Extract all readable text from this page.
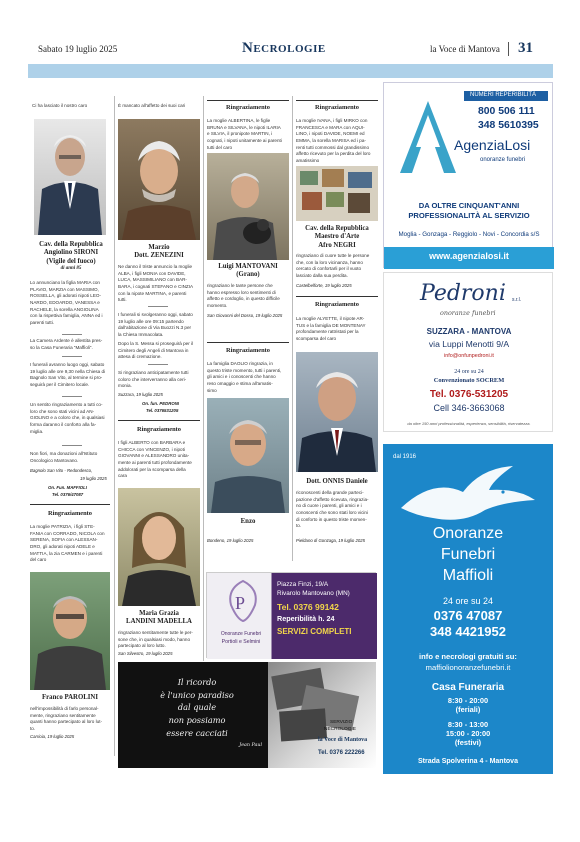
Sabato 19 luglio 2025	Necrologie	la Voce di Mantova 31
Ci ha lasciato il nostro caro
Cav. della Repubblica
Angiolino SIRONI
(Vigile del fuoco)
di anni 85
Lo annunciano la figlia MARIA con
PLAVIO, MARZIA con MASSIMO,
ROSSELLA, gli adorati nipoti LEO-
NARDO, EDOARDO, VANESSA e
RACHELE, la sorella ANGIOLINA
con la rispettiva famiglia, ANNA ed i
parenti tutti.
La Camera Ardente è allestita pres-
so la Casa Funeraria “Maffioli”.
I funerali avranno luogo oggi, sabato
19 luglio alle ore 9,30 nella Chiesa di
Bagnolo San Vito, al termine si pro-
seguirà per il Cimitero locale.
Un sentito ringraziamento a tutti co-
loro che sono stati vicini ad AN-
GIOLINO e a coloro che, in qualsiasi
forma daranno il conforto alla fa-
miglia.
Non fiori, ma donazioni all'Istituto
Oncologico Mantovano.
Bagnolo San Vito - Redondesco,
19 luglio 2025
On. Fun. MAFFIOLI
Tel. 0376/47087
Ringraziamento
La moglie PATRIZIA, i figli STE-
FANIA con CORRADO, NICOLA con
SERENA, SOFIA con ALESSAN-
DRO, gli adorati nipoti ADELE e
MATTIA, la zia CARMEN e i parenti
del caro
Franco PAROLINI
nell'impossibilità di farlo personal-
mente, ringraziano sentitamente
quanti hanno partecipato al loro lut-
to.
Carrioia, 19 luglio 2025
È mancato all'affetto dei suoi cari
Marzio
Dott. ZENEZINI
Ne danno il triste annuncio la moglie
ALBA, i figli MONIA con DAVIDE,
LUCA, MASSIMILIANO con BAR-
BARA, i cognati STEFANO e CINZIA
con la nipote MARTINA, e parenti
tutti.
I funerali si svolgeranno oggi, sabato
19 luglio alle ore 09:15 partendo
dall'abitazione di Via Buozzi N.3 per
la Chiesa Immacolata.
Dopo la S. Messa si proseguirà per il
Cimitero degli Angeli di Mantova in
attesa di cremazione.
Si ringraziano anticipatamente tutti
coloro che interverranno alla ceri-
monia.
Suzzara, 19 luglio 2025
On. fun. PEDRONI
Tel. 0376531205
Ringraziamento
I figli ALBERTO con BARBARA e
CHICCA con VINCENZO, i nipoti
GIOVANNI e ALESSANDRO unita-
mente ai parenti tutti profondamente
addolorati per la scomparsa della
cara
Maria Grazia
LANDINI MADELLA
ringraziano sentitamente tutte le per-
sone che, in qualsiasi modo, hanno
partecipato al loro lutto.
San Silvestro, 19 luglio 2025
Ringraziamento
La moglie ALBERTINA, le figlie
BRUNA e SILVANA, le nipoti ILARIA
e SILVIA, il pronipote MARTIN, i
cognati, i nipoti unitamente ai parenti
tutti del caro
Luigi MANTOVANI
(Grano)
ringraziano le tante persone che
hanno espresso loro sentimenti di
affetto e cordoglio, in questo difficile
momento.
San Giovanni del Dosso, 19 luglio 2025
Ringraziamento
La famiglia DAOLIO ringrazia, in
questo triste momento, tutti i parenti,
gli amici e i conoscenti che hanno
reso omaggio e stima all'amatis-
simo
Enzo
Bondeno, 19 luglio 2025
Ringraziamento
La moglie IVANA, i figli MIRKO con
FRANCESCA e MARA con AQUI-
LINO, i nipoti DAVIDE, NOEMI ed
EMMA, la sorella MARISA ed i pa-
renti tutti commossi dal grandissimo
affetto ricevuto per la perdita del loro
amatissimo
Cav. della Repubblica
Maestro d'Arte
Afro NEGRI
ringraziano di cuore tutte le persone
che, con la loro vicinanza, hanno
cercato di confortarli per il vuoto
lasciato dalla sua perdita.
Castelbelforte, 19 luglio 2025
Ringraziamento
La moglie ALYETTE, il nipote AR-
TUS e la famiglia DE MONTENAY
profondamente rattristati per la
scomparsa del caro
Dott. ONNIS Daniele
riconoscenti della grande parteci-
pazione d'affetto ricevuta, ringrazia-
no di cuore i parenti, gli amici e i
conoscenti che sono stati loro vicini
di conforto in questo triste momen-
to.
Pieldano di Gonzaga, 19 luglio 2025
P
Onoranze Funebri
Portioli e Selmini
Piazza Finzi, 19/A
Rivarolo Mantovano (MN)
Tel. 0376 99142
Reperibilità h. 24
SERVIZI COMPLETI
Il ricordo
è l'unico paradiso
dal quale
non possiamo
essere cacciati
Jean Paul
SERVIZIO
NECROLOGIE
la Voce di Mantova
Tel. 0376 222266
NUMERI REPERIBILITÀ
800 506 111
348 5610395
AgenziaLosi
onoranze funebri
DA OLTRE CINQUANT'ANNI
PROFESSIONALITÀ AL SERVIZIO
Moglia - Gonzaga - Reggiolo - Novi - Concordia s/S
www.agenzialosi.it
Pedroni s.r.l.
onoranze funebri
SUZZARA - MANTOVA
via Luppi Menotti 9/A
info@onfunpedroni.it
24 ore su 24
Convenzionato SOCREM
Tel. 0376-531205
Cell 346-3663068
da oltre 150 anni professionalità, esperienza, sensibilità, riservatezza.
dal 1916
Onoranze
Funebri
Maffioli
24 ore su 24
0376 47087
348 4421952
info e necrologi gratuiti su:
maffiolionoranzefunebri.it
Casa Funeraria
8:30 - 20:00
(feriali)
8:30 - 13:00
15:00 - 20:00
(festivi)
Strada Spolverina 4 - Mantova
